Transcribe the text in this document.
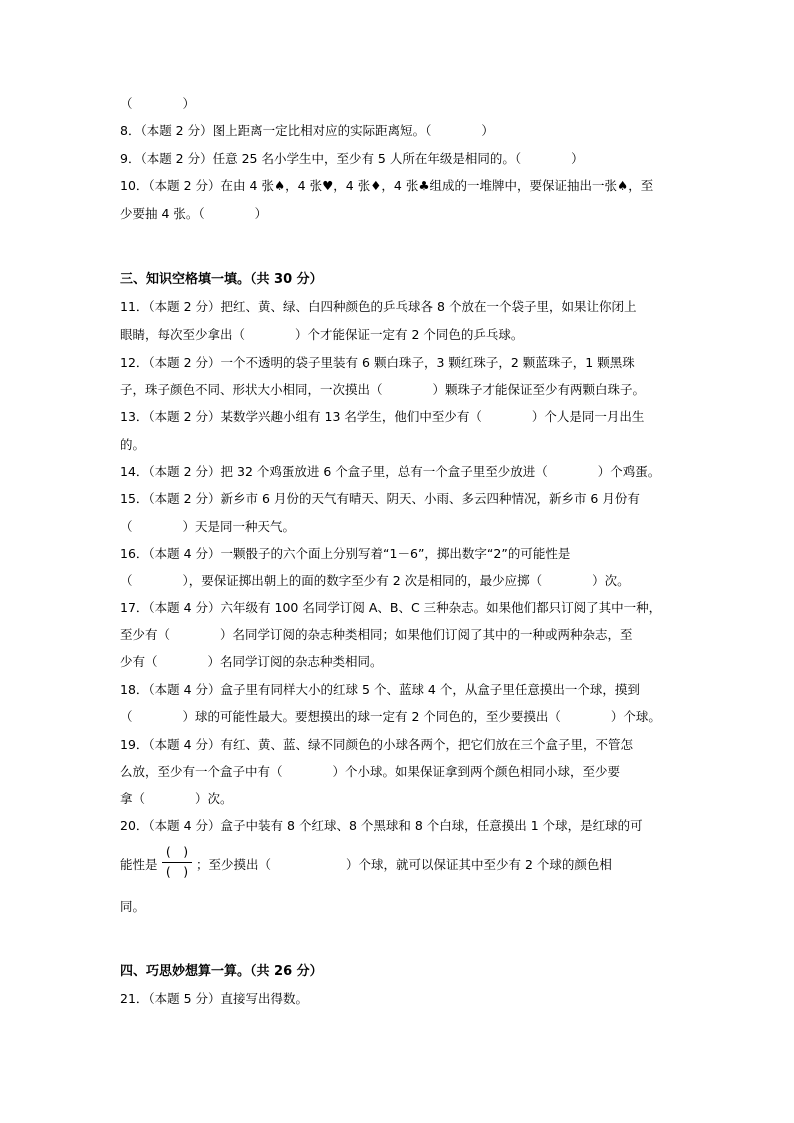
（　　　　）
8．（本题 2 分）图上距离一定比相对应的实际距离短。（　　　　）
9．（本题 2 分）任意 25 名小学生中，至少有 5 人所在年级是相同的。（　　　　）
10．（本题 2 分）在由 4 张♠，4 张♥，4 张♦，4 张♣组成的一堆牌中，要保证抽出一张♠，至
少要抽 4 张。（　　　　）
三、知识空格填一填。（共 30 分）
11．（本题 2 分）把红、黄、绿、白四种颜色的乒乓球各 8 个放在一个袋子里，如果让你闭上
眼睛，每次至少拿出（　　　　）个才能保证一定有 2 个同色的乒乓球。
12．（本题 2 分）一个不透明的袋子里装有 6 颗白珠子，3 颗红珠子，2 颗蓝珠子，1 颗黑珠
子，珠子颜色不同、形状大小相同，一次摸出（　　　　）颗珠子才能保证至少有两颗白珠子。
13．（本题 2 分）某数学兴趣小组有 13 名学生，他们中至少有（　　　　）个人是同一月出生
的。
14．（本题 2 分）把 32 个鸡蛋放进 6 个盒子里，总有一个盒子里至少放进（　　　　）个鸡蛋。
15．（本题 2 分）新乡市 6 月份的天气有晴天、阴天、小雨、多云四种情况，新乡市 6 月份有
（　　　　）天是同一种天气。
16．（本题 4 分）一颗骰子的六个面上分别写着“1－6”，掷出数字“2”的可能性是
（　　　　），要保证掷出朝上的面的数字至少有 2 次是相同的，最少应掷（　　　　）次。
17．（本题 4 分）六年级有 100 名同学订阅 A、B、C 三种杂志。如果他们都只订阅了其中一种，
至少有（　　　　）名同学订阅的杂志种类相同；如果他们订阅了其中的一种或两种杂志，至
少有（　　　　）名同学订阅的杂志种类相同。
18．（本题 4 分）盒子里有同样大小的红球 5 个、蓝球 4 个，从盒子里任意摸出一个球，摸到
（　　　　）球的可能性最大。要想摸出的球一定有 2 个同色的，至少要摸出（　　　　）个球。
19．（本题 4 分）有红、黄、蓝、绿不同颜色的小球各两个，把它们放在三个盒子里，不管怎
么放，至少有一个盒子中有（　　　　）个小球。如果保证拿到两个颜色相同小球，至少要
拿（　　　　）次。
20．（本题 4 分）盒子中装有 8 个红球、8 个黑球和 8 个白球，任意摸出 1 个球，是红球的可
能性是
(　)
(　) ；至少摸出（　　　　　　）个球，就可以保证其中至少有 2 个球的颜色相
同。
四、巧思妙想算一算。（共 26 分）
21．（本题 5 分）直接写出得数。
